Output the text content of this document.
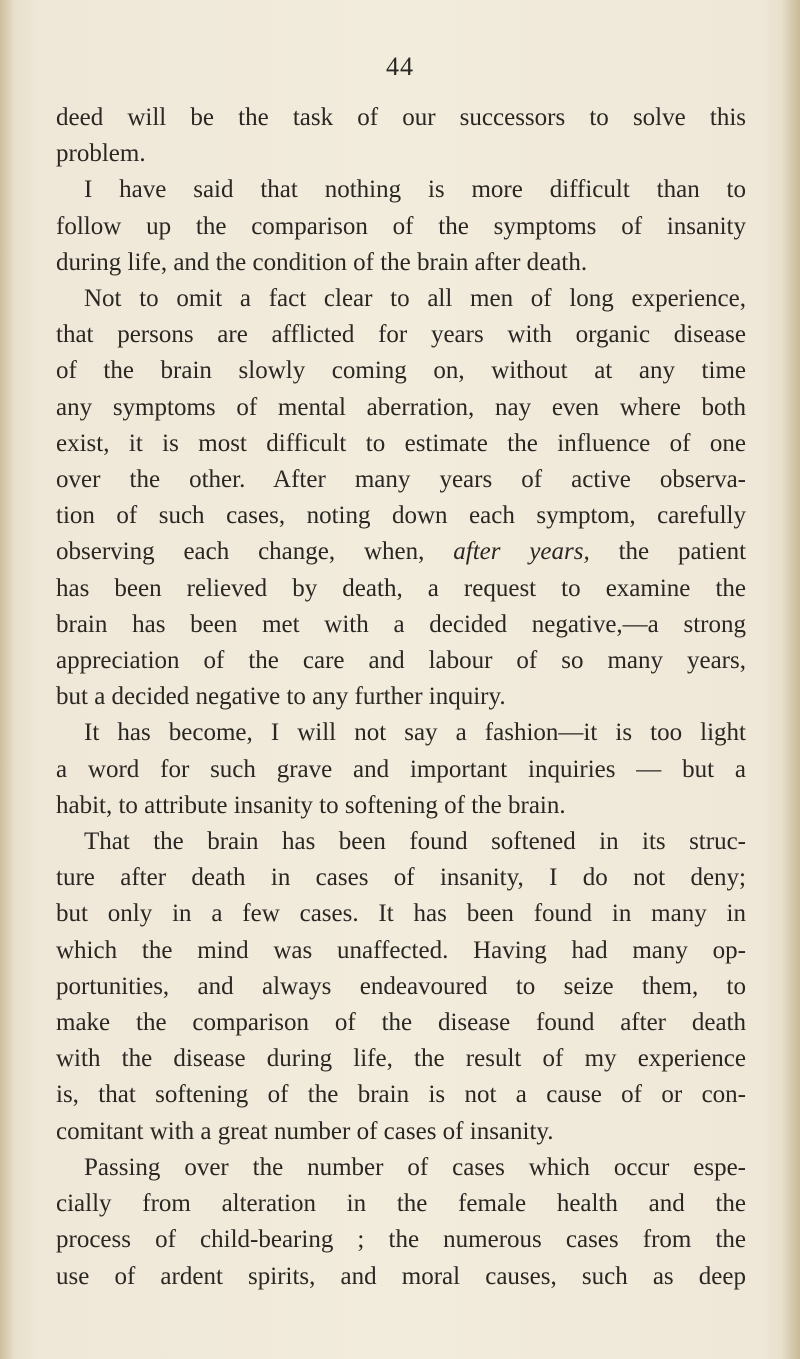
44

deed will be the task of our successors to solve this
problem.

I have said that nothing is more difficult than to
follow up the comparison of the symptoms of insanity
during life, and the condition of the brain after death.

Not to omit a fact clear to all men of long experience,
that persons are afflicted for years with organic disease
of the brain slowly coming on, without at any time
any symptoms of mental aberration, nay even where both
exist, it is most difficult to estimate the influence of one
over the other. After many years of active observa-
tion of such cases, noting down each symptom, carefully
observing each change, when, after years, the patient
has been relieved by death, a request to examine the
brain has been met with a decided negative,—a strong
appreciation of the care and labour of so many years,
but a decided negative to any further inquiry.

It has become, I will not say a fashion—it is too light
a word for such grave and important inquiries — but a
habit, to attribute insanity to softening of the brain.

That the brain has been found softened in its struc-
ture after death in cases of insanity, I do not deny;
but only in a few cases. It has been found in many in
which the mind was unaffected. Having had many op-
portunities, and always endeavoured to seize them, to
make the comparison of the disease found after death
with the disease during life, the result of my experience
is, that softening of the brain is not a cause of or con-
comitant with a great number of cases of insanity.

Passing over the number of cases which occur espe-
cially from alteration in the female health and the
process of child-bearing ; the numerous cases from the
use of ardent spirits, and moral causes, such as deep
